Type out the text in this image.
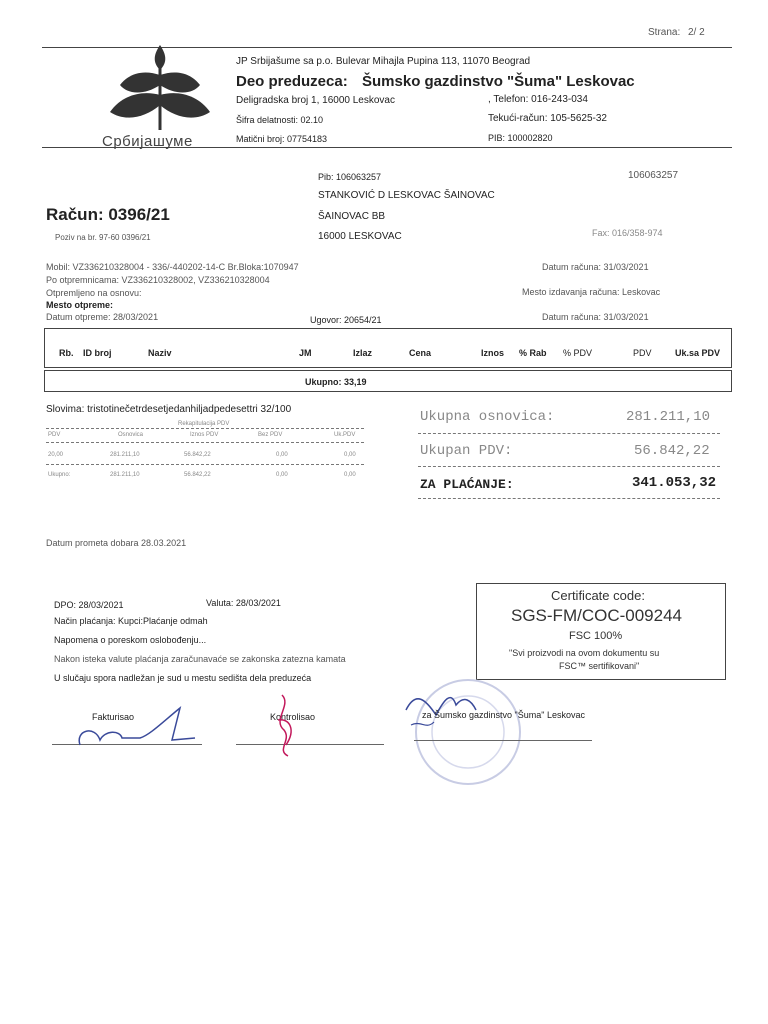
Strana: 2/ 2
Србијашуме
JP Srbijašume sa p.o. Bulevar Mihajla Pupina 113, 11070 Beograd
Deo preduzeca: Šumsko gazdinstvo "Šuma" Leskovac
Deligradska broj 1, 16000 Leskovac	, Telefon: 016-243-034
Šifra delatnosti: 02.10	Tekući-račun: 105-5625-32
Matični broj: 07754183	PIB: 100002820
Pib: 106063257	106063257
STANKOVIĆ D LESKOVAC ŠAINOVAC
ŠAINOVAC BB
16000 LESKOVAC	Fax: 016/358-974
Račun: 0396/21
Poziv na br. 97-60 0396/21
Mobil: VZ336210328004 - 336/-440202-14-C Br.Bloka:1070947
Po otpremnicama: VZ336210328002, VZ336210328004
Otpremljeno na osnovu:
Mesto otpreme:
Datum otpreme: 28/03/2021	Ugovor: 20654/21
Datum računa: 31/03/2021
Mesto izdavanja računa: Leskovac
Datum računa: 31/03/2021
Rb. ID broj	Naziv	JM	Izlaz	Cena	Iznos % Rab % PDV	PDV	Uk.sa PDV
Ukupno: 33,19
Slovima: tristotinečetrdesetjedanhiljadpedesettri 32/100
Rekapitulacija PDV
PDV	Osnovica	Iznos PDV	Bez PDV	Uk.PDV
20,00	281.211,10	56.842,22	0,00	0,00
Ukupno:	281.211,10	56.842,22	0,00	0,00
Ukupna osnovica:	281.211,10
Ukupan PDV:	56.842,22
ZA PLAĆANJE:	341.053,32
Datum prometa dobara 28.03.2021
DPO: 28/03/2021	Valuta: 28/03/2021
Način plaćanja: Kupci:Plaćanje odmah
Napomena o poreskom oslobođenju...
Nakon isteka valute plaćanja zaračunavaće se zakonska zatezna kamata
U slučaju spora nadležan je sud u mestu sedišta dela preduzeća
Certificate code:
SGS-FM/COC-009244
FSC 100%
"Svi proizvodi na ovom dokumentu su
FSC™ sertifikovani"
Fakturisao	Kontrolisao	za Šumsko gazdinstvo "Šuma" Leskovac
